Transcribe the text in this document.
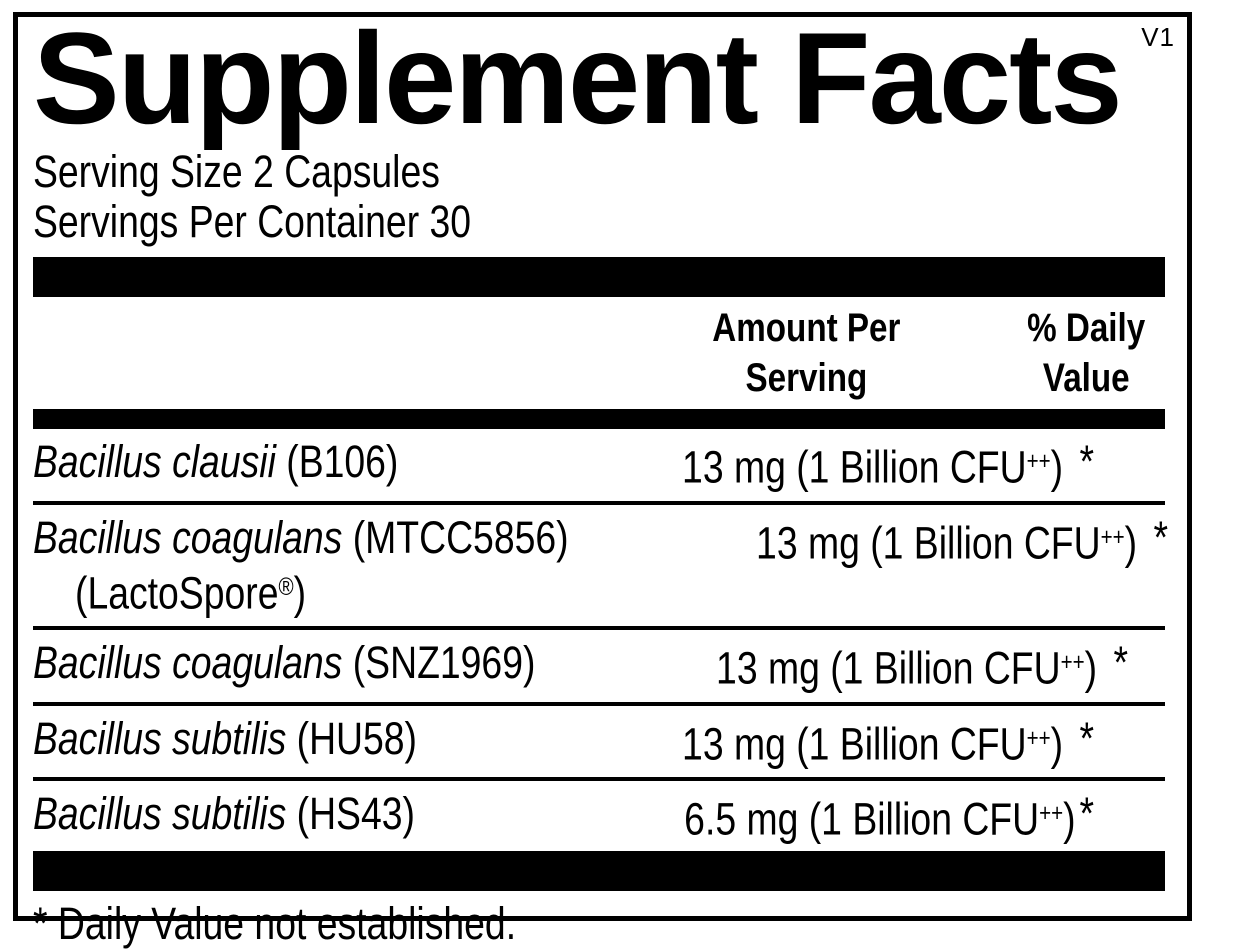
V1
Supplement Facts
Serving Size 2 Capsules
Servings Per Container 30
Amount Per
Serving
% Daily
Value
Bacillus clausii (B106)	13 mg (1 Billion CFU++) *
Bacillus coagulans (MTCC5856)
(LactoSpore®)
13 mg (1 Billion CFU++) *
Bacillus coagulans (SNZ1969)	13 mg (1 Billion CFU++) *
Bacillus subtilis (HU58)	13 mg (1 Billion CFU++) *
Bacillus subtilis (HS43)	6.5 mg (1 Billion CFU++) *
* Daily Value not established.
